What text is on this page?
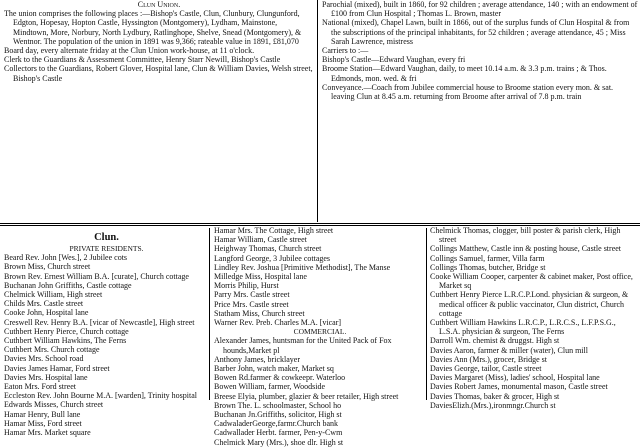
Clun Union.

The union comprises the following places :—Bishop's Castle, Clun, Clunbury, Clungunford, Edgton, Hopesay, Hopton Castle, Hyssington (Montgomery), Lydham, Mainstone, Mindtown, More, Norbury, North Lydbury, Ratlinghope, Shelve, Snead (Montgomery), & Wentnor. The population of the union in 1891 was 9,366; rateable value in 1891, £81,070

Board day, every alternate friday at the Clun Union work-house, at 11 o'clock.

Clerk to the Guardians & Assessment Committee, Henry Starr Newill, Bishop's Castle

Collectors to the Guardians, Robert Glover, Hospital lane, Clun & William Davies, Welsh street, Bishop's Castle

Parochial (mixed), built in 1860, for 92 children ; average attendance, 140 ; with an endowment of £100 from Clun Hospital ; Thomas L. Brown, master

National (mixed), Chapel Lawn, built in 1866, out of the surplus funds of Clun Hospital & from the subscriptions of the principal inhabitants, for 52 children ; average attendance, 45 ; Miss Sarah Lawrence, mistress

Carriers to :—

Bishop's Castle—Edward Vaughan, every fri

Broome Station—Edward Vaughan, daily, to meet 10.14 a.m. & 3.3 p.m. trains ; & Thos. Edmonds, mon. wed. & fri

Conveyance.—Coach from Jubilee commercial house to Broome station every mon. & sat. leaving Clun at 8.45 a.m. returning from Broome after arrival of 7.8 p.m. train

Clun.
PRIVATE RESIDENTS.

Beard Rev. John [Wes.], 2 Jubilee cots

Brown Miss, Church street

Brown Rev. Ernest William B.A. [curate], Church cottage

Buchanan John Griffiths, Castle cottage

Chelmick William, High street

Childs Mrs. Castle street

Cooke John, Hospital lane

Creswell Rev. Henry B.A. [vicar of Newcastle], High street

Cuthbert Henry Pierce, Church cottage

Cuthbert William Hawkins, The Ferns

Cuthbert Mrs. Church cottage

Davies Mrs. School road

Davies James Hamar, Ford street

Davies Mrs. Hospital lane

Eaton Mrs. Ford street

Eccleston Rev. John Bourne M.A. [warden], Trinity hospital

Edwards Misses, Church street

Hamar Henry, Bull lane

Hamar Miss, Ford street

Hamar Mrs. Market square

Hamar Mrs. The Cottage, High street

Hamar William, Castle street

Heighway Thomas, Church street

Langford George, 3 Jubilee cottages

Lindley Rev. Joshua [Primitive Methodist], The Manse

Milledge Miss, Hospital lane

Morris Philip, Hurst

Parry Mrs. Castle street

Price Mrs. Castle street

Statham Miss, Church street

Warner Rev. Preb. Charles M.A. [vicar]

COMMERCIAL.

Alexander James, huntsman for the United Pack of Fox hounds,Market pl

Anthony James, bricklayer

Barber John, watch maker, Market sq

Bowen Rd.farmer & cowkeepr. Waterloo

Bowen William, farmer, Woodside

Breese Elyia, plumber, glazier & beer retailer, High street

Brown The. L. schoolmaster, School ho

Buchanan Jn.Griffiths, solicitor, High st

CadwaladerGeorge,farmr.Church bank

Cadwallader Herbt. farmer, Pen-y-Cwm

Chelmick Mary (Mrs.), shoe dlr. High st

Chelmick Thomas, clogger, bill poster & parish clerk, High street

Collings Matthew, Castle inn & posting house, Castle street

Collings Samuel, farmer, Villa farm

Collings Thomas, butcher, Bridge st

Cooke William Cooper, carpenter & cabinet maker, Post office, Market sq

Cuthbert Henry Pierce L.R.C.P.Lond. physician & surgeon, & medical officer & public vaccinator, Clun district, Church cottage

Cuthbert William Hawkins L.R.C.P., L.R.C.S., L.F.P.S.G., L.S.A. physician & surgeon, The Ferns

Darroll Wm. chemist & druggst. High st

Davies Aaron, farmer & miller (water), Clun mill

Davies Ann (Mrs.), grocer, Bridge st

Davies George, tailor, Castle street

Davies Margaret (Miss), ladies' school, Hospital lane

Davies Robert James, monumental mason, Castle street

Davies Thomas, baker & grocer, High st

DaviesElizh.(Mrs.),ironmngr.Church st
